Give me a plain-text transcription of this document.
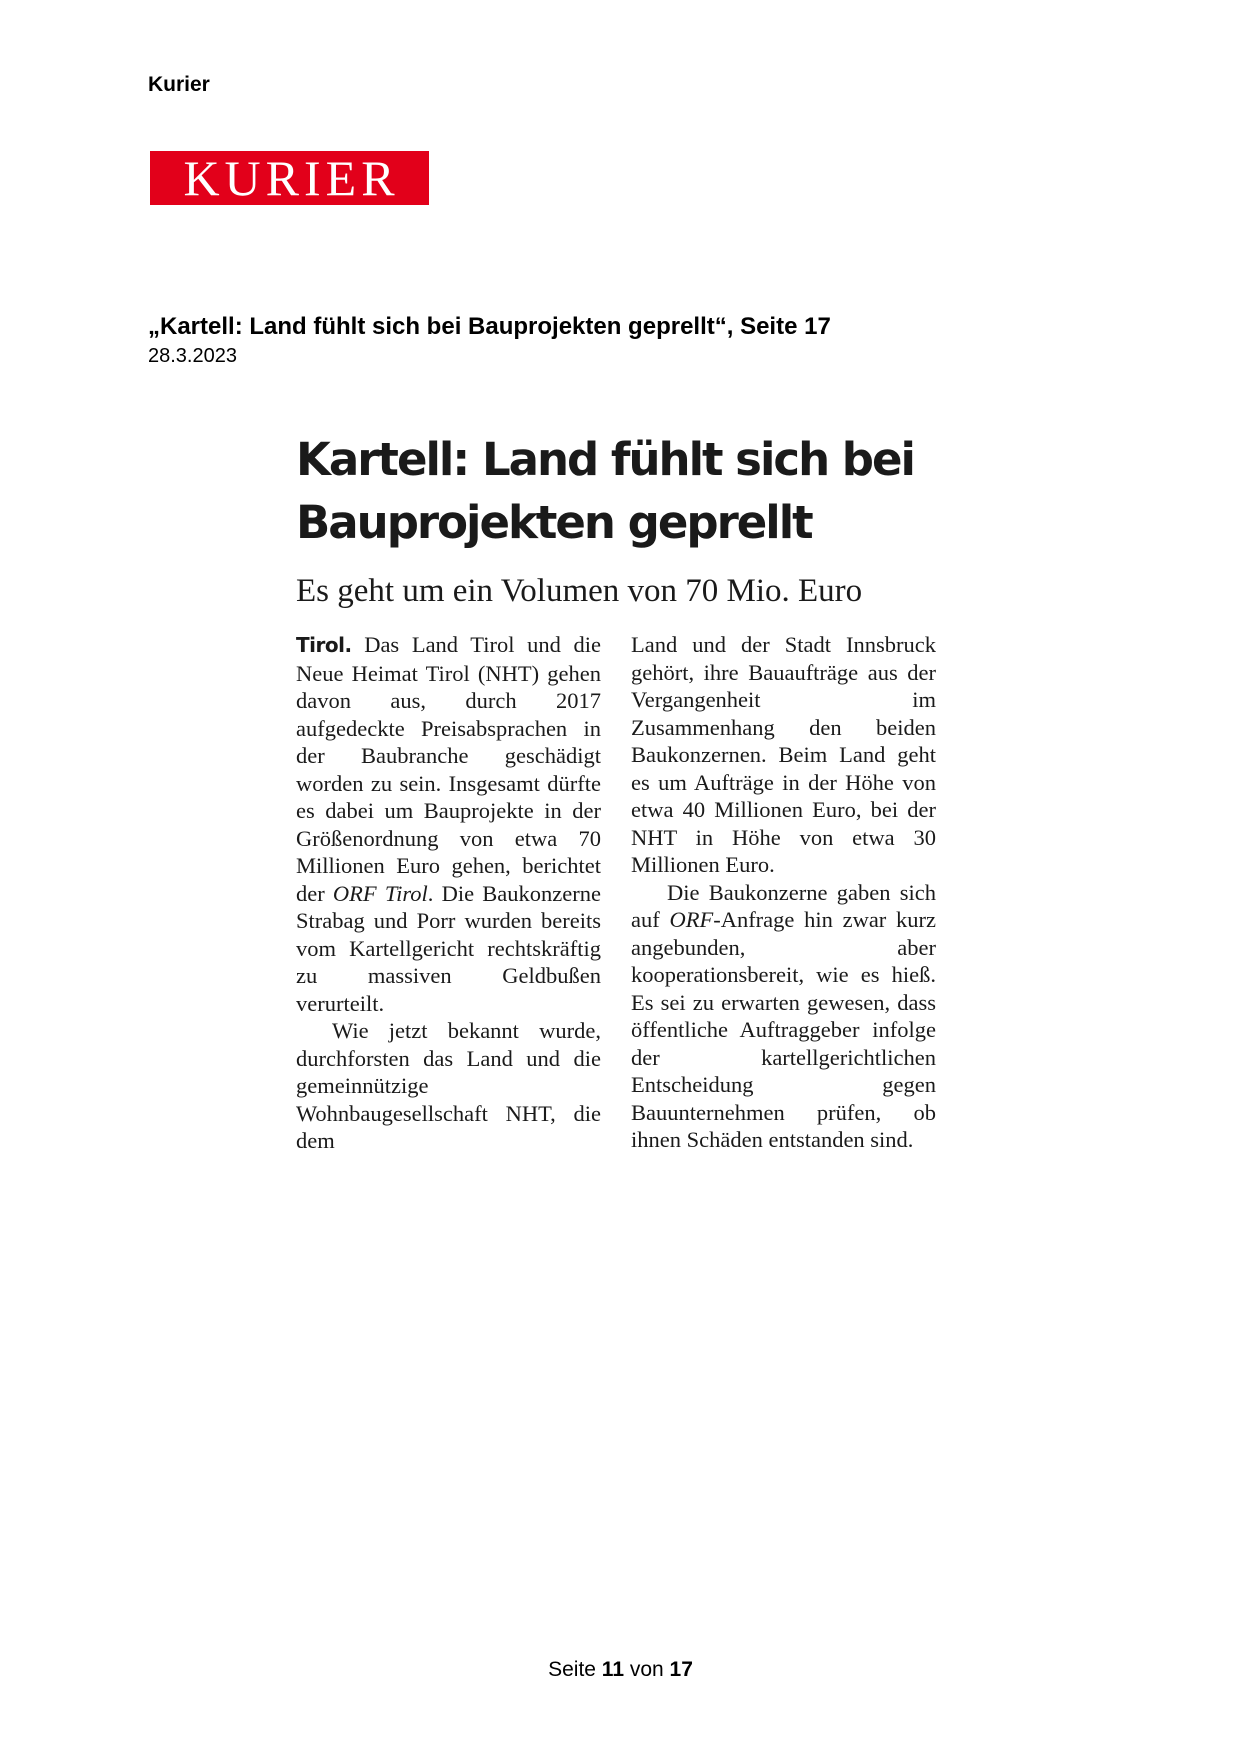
Kurier
KURIER
„Kartell: Land fühlt sich bei Bauprojekten geprellt“, Seite 17
28.3.2023
Kartell: Land fühlt sich bei
Bauprojekten geprellt
Es geht um ein Volumen von 70 Mio. Euro

Tirol. Das Land Tirol und die Neue Heimat Tirol (NHT) gehen davon aus, durch 2017 aufgedeckte Preisabsprachen in der Baubranche geschädigt worden zu sein. Insgesamt dürfte es dabei um Bauprojekte in der Größenordnung von etwa 70 Millionen Euro gehen, berichtet der ORF Tirol. Die Baukonzerne Strabag und Porr wurden bereits vom Kartellgericht rechtskräftig zu massiven Geldbußen verurteilt.

Wie jetzt bekannt wurde, durchforsten das Land und die gemeinnützige Wohnbaugesellschaft NHT, die dem

Land und der Stadt Innsbruck gehört, ihre Bauaufträge aus der Vergangenheit im Zusammenhang den beiden Baukonzernen. Beim Land geht es um Aufträge in der Höhe von etwa 40 Millionen Euro, bei der NHT in Höhe von etwa 30 Millionen Euro.

Die Baukonzerne gaben sich auf ORF-Anfrage hin zwar kurz angebunden, aber kooperationsbereit, wie es hieß. Es sei zu erwarten gewesen, dass öffentliche Auftraggeber infolge der kartellgerichtlichen Entscheidung gegen Bauunternehmen prüfen, ob ihnen Schäden entstanden sind.

Seite 11 von 17
